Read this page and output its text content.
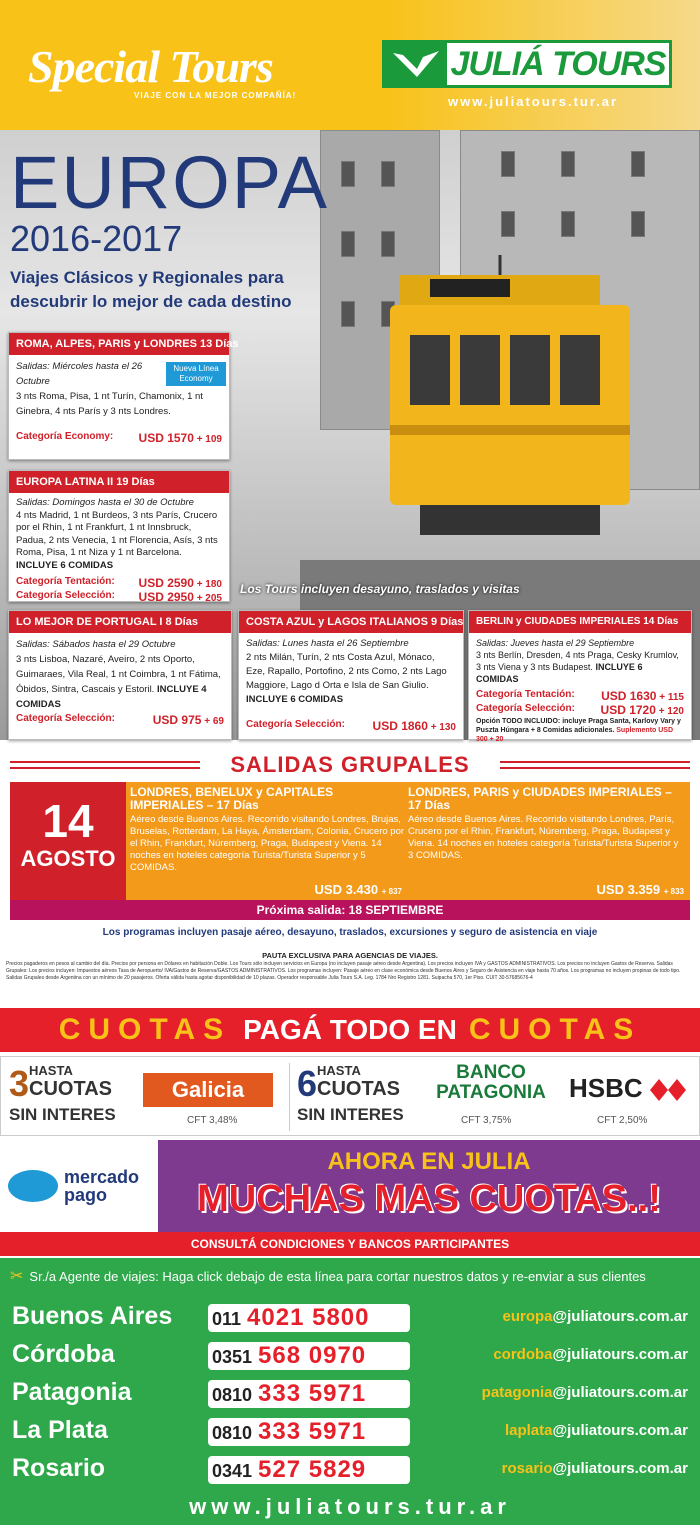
Special Tours
VIAJE CON LA MEJOR COMPAÑÍA!
JULIÁ TOURS
www.juliatours.tur.ar
EUROPA
2016-2017
Viajes Clásicos y Regionales para descubrir lo mejor de cada destino
ROMA, ALPES, PARIS y LONDRES 13 Días
Salidas: Miércoles hasta el 26 Octubre
3 nts Roma, Pisa, 1 nt Turín, Chamonix, 1 nt Ginebra, 4 nts París y 3 nts Londres.
Categoría Economy: USD 1570 + 109
Nueva Línea Economy
EUROPA LATINA II 19 Días
Salidas: Domingos hasta el 30 de Octubre
4 nts Madrid, 1 nt Burdeos, 3 nts París, Crucero por el Rhin, 1 nt Frankfurt, 1 nt Innsbruck, Padua, 2 nts Venecia, 1 nt Florencia, Asís, 3 nts Roma, Pisa, 1 nt Niza y 1 nt Barcelona. INCLUYE 6 COMIDAS
Categoría Tentación: USD 2590 + 180
Categoría Selección: USD 2950 + 205
Los Tours incluyen desayuno, traslados y visitas
LO MEJOR DE PORTUGAL I 8 Días
Salidas: Sábados hasta el 29 Octubre
3 nts Lisboa, Nazaré, Aveiro, 2 nts Oporto, Guimaraes, Vila Real, 1 nt Coimbra, 1 nt Fátima, Óbidos, Sintra, Cascais y Estoril. INCLUYE 4 COMIDAS
Categoría Selección:	USD 975 + 69
COSTA AZUL y LAGOS ITALIANOS 9 Días
Salidas: Lunes hasta el 26 Septiembre
2 nts Milán, Turín, 2 nts Costa Azul, Mónaco, Eze, Rapallo, Portofino, 2 nts Como, 2 nts Lago Maggiore, Lago d Orta e Isla de San Giulio.
INCLUYE 6 COMIDAS
Categoría Selección: USD 1860 + 130
BERLIN y CIUDADES IMPERIALES 14 Días
Salidas: Jueves hasta el 29 Septiembre
3 nts Berlín, Dresden, 4 nts Praga, Cesky Krumlov, 3 nts Viena y 3 nts Budapest. INCLUYE 6 COMIDAS
Categoría Tentación: USD 1630 + 115
Categoría Selección: USD 1720 + 120
Opción TODO INCLUIDO: incluye Praga Santa, Karlovy Vary y Puszta Húngara + 8 Comidas adicionales. Suplemento USD 300 + 20
SALIDAS GRUPALES
14
AGOSTO
LONDRES, BENELUX y CAPITALES IMPERIALES – 17 Días
Aéreo desde Buenos Aires. Recorrido visitando Londres, Brujas, Bruselas, Rotterdam, La Haya, Ámsterdam, Colonia, Crucero por el Rhin, Frankfurt, Núremberg, Praga, Budapest y Viena. 14 noches en hoteles categoría Turista/Turista Superior y 5 COMIDAS.
USD 3.430 + 837
LONDRES, PARIS y CIUDADES IMPERIALES – 17 Días
Aéreo desde Buenos Aires. Recorrido visitando Londres, París, Crucero por el Rhin, Frankfurt, Núremberg, Praga, Budapest y Viena. 14 noches en hoteles categoría Turista/Turista Superior y 3 COMIDAS.
USD 3.359 + 833
Próxima salida: 18 SEPTIEMBRE
Los programas incluyen pasaje aéreo, desayuno, traslados, excursiones y seguro de asistencia en viaje
PAUTA EXCLUSIVA PARA AGENCIAS DE VIAJES.
Precios pagaderos en pesos al cambio del día. Precios por persona en Dólares en habitación Doble. Los Tours sólo incluyen servicios en Europa (no incluyen pasaje aéreo desde Argentina). Los precios incluyen IVA y GASTOS ADMINISTRATIVOS. Los precios no incluyen Gastos de Reserva. Salidas Grupales: Los precios incluyen: Impuestos aéreos Tasa de Aeropuerto/ IVA/Gastos de Reserva/GASTOS ADMINISTRATIVOS. Los programas incluyen: Pasaje aéreo en clase económica desde Buenos Aires y Seguro de Asistencia en viaje hasta 70 años. Los programas no incluyen propinas de todo tipo. Salidas Grupales desde Argentina con un mínimo de 20 pasajeros. Oferta válida hasta agotar disponibilidad de 10 plazas. Operador responsable Julia Tours S.A. Leg. 1784 Nro Registro 1281. Suipacha 570, 1er Piso. CUIT 30-57685676-4
CUOTAS PAGÁ TODO EN CUOTAS
3 HASTA
CUOTAS
SIN INTERES
Galicia
CFT 3,48%
6 HASTA
CUOTAS
SIN INTERES
BANCO PATAGONIA
CFT 3,75%
HSBC
CFT 2,50%
mercado
pago
AHORA EN JULIA
MUCHAS MAS CUOTAS..!
CONSULTÁ CONDICIONES Y BANCOS PARTICIPANTES
✂ Sr./a Agente de viajes: Haga click debajo de esta línea para cortar nuestros datos y re-enviar a sus clientes
Buenos Aires 011 4021 5800	europa@juliatours.com.ar
Córdoba	0351 568 0970	cordoba@juliatours.com.ar
Patagonia	0810 333 5971	patagonia@juliatours.com.ar
La Plata	0810 333 5971	laplata@juliatours.com.ar
Rosario	0341 527 5829	rosario@juliatours.com.ar
www.juliatours.tur.ar
